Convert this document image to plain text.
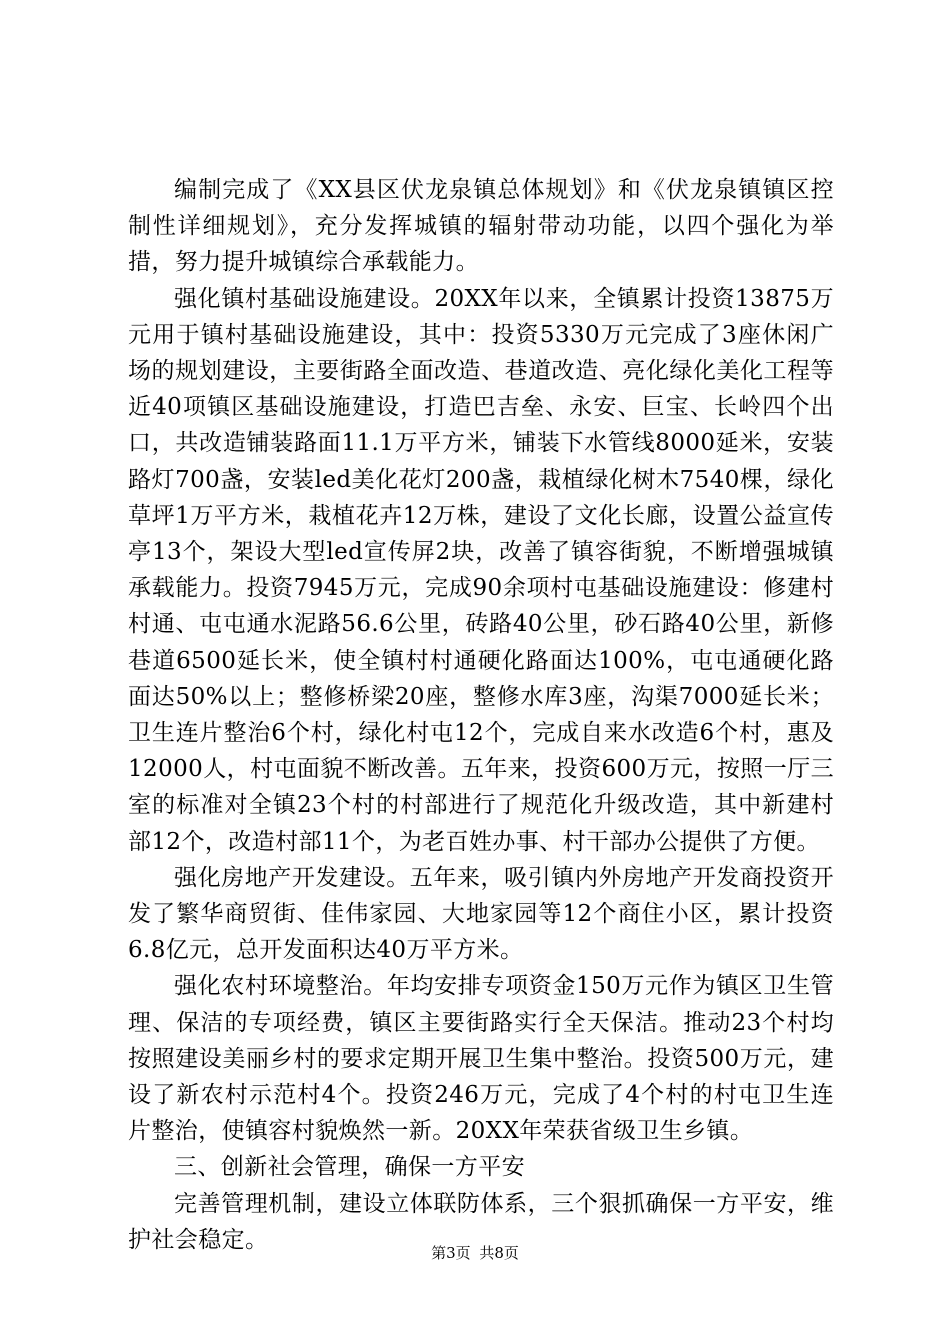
编制完成了《XX县区伏龙泉镇总体规划》和《伏龙泉镇镇区控制性详细规划》，充分发挥城镇的辐射带动功能，以四个强化为举措，努力提升城镇综合承载能力。

强化镇村基础设施建设。20XX年以来，全镇累计投资13875万元用于镇村基础设施建设，其中：投资5330万元完成了3座休闲广场的规划建设，主要街路全面改造、巷道改造、亮化绿化美化工程等近40项镇区基础设施建设，打造巴吉垒、永安、巨宝、长岭四个出口，共改造铺装路面11.1万平方米，铺装下水管线8000延米，安装路灯700盏，安装led美化花灯200盏，栽植绿化树木7540棵，绿化草坪1万平方米，栽植花卉12万株，建设了文化长廊，设置公益宣传亭13个，架设大型led宣传屏2块，改善了镇容街貌，不断增强城镇承载能力。投资7945万元，完成90余项村屯基础设施建设：修建村村通、屯屯通水泥路56.6公里，砖路40公里，砂石路40公里，新修巷道6500延长米，使全镇村村通硬化路面达100%，屯屯通硬化路面达50%以上；整修桥梁20座，整修水库3座，沟渠7000延长米；卫生连片整治6个村，绿化村屯12个，完成自来水改造6个村，惠及12000人，村屯面貌不断改善。五年来，投资600万元，按照一厅三室的标准对全镇23个村的村部进行了规范化升级改造，其中新建村部12个，改造村部11个，为老百姓办事、村干部办公提供了方便。

强化房地产开发建设。五年来，吸引镇内外房地产开发商投资开发了繁华商贸街、佳伟家园、大地家园等12个商住小区，累计投资6.8亿元，总开发面积达40万平方米。

强化农村环境整治。年均安排专项资金150万元作为镇区卫生管理、保洁的专项经费，镇区主要街路实行全天保洁。推动23个村均按照建设美丽乡村的要求定期开展卫生集中整治。投资500万元，建设了新农村示范村4个。投资246万元，完成了4个村的村屯卫生连片整治，使镇容村貌焕然一新。20XX年荣获省级卫生乡镇。

三、创新社会管理，确保一方平安

完善管理机制，建设立体联防体系，三个狠抓确保一方平安，维护社会稳定。

第3页 共8页
